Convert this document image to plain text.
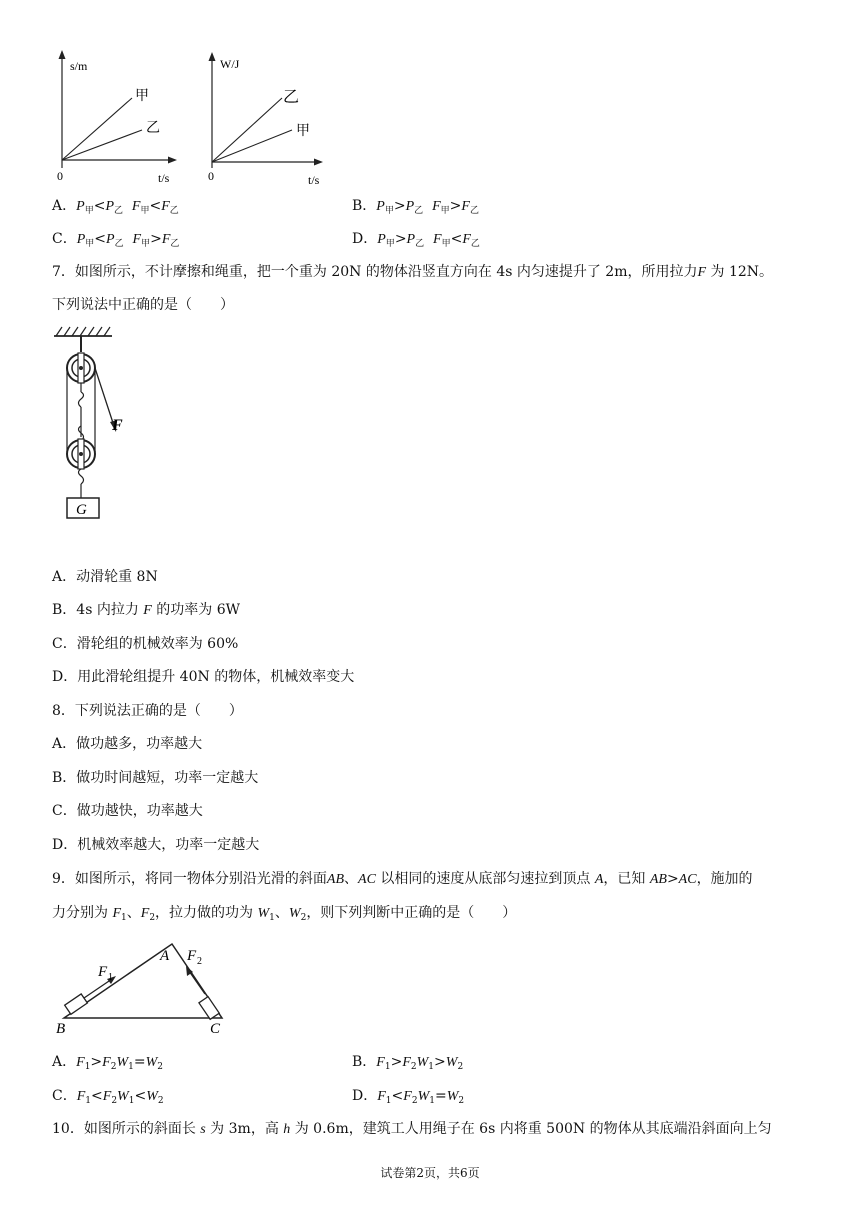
s/m
t/s
0
甲
乙
W/J
t/s
0
乙
甲
A．$P_甲<P_乙$ $F_甲<F_乙$	B．$P_甲>P_乙$ $F_甲>F_乙$
C．$P_甲<P_乙$ $F_甲>F_乙$	D．$P_甲>P_乙$ $F_甲<F_乙$
7．如图所示，不计摩擦和绳重，把一个重为 20N 的物体沿竖直方向在 4s 内匀速提升了 2m，所用拉力F 为 12N。
下列说法中正确的是（　　）
F
G
A．动滑轮重 8N
B．4s 内拉力 F 的功率为 6W
C．滑轮组的机械效率为 60%
D．用此滑轮组提升 40N 的物体，机械效率变大
8．下列说法正确的是（　　）
A．做功越多，功率越大
B．做功时间越短，功率一定越大
C．做功越快，功率越大
D．机械效率越大，功率一定越大
9．如图所示，将同一物体分别沿光滑的斜面AB、AC 以相同的速度从底部匀速拉到顶点 A，已知 AB>AC，施加的
力分别为 $F_1$、$F_2$，拉力做的功为 $W_1$、$W_2$，则下列判断中正确的是（　　）
F 1
F 2
A
B	C
A．$F_1>F_2W_1=W_2$	B．$F_1>F_2W_1>W_2$
C．$F_1<F_2W_1<W_2$	D．$F_1<F_2W_1=W_2$
10．如图所示的斜面长 s 为 3m，高 h 为 0.6m，建筑工人用绳子在 6s 内将重 500N 的物体从其底端沿斜面向上匀
试卷第2页，共6页
